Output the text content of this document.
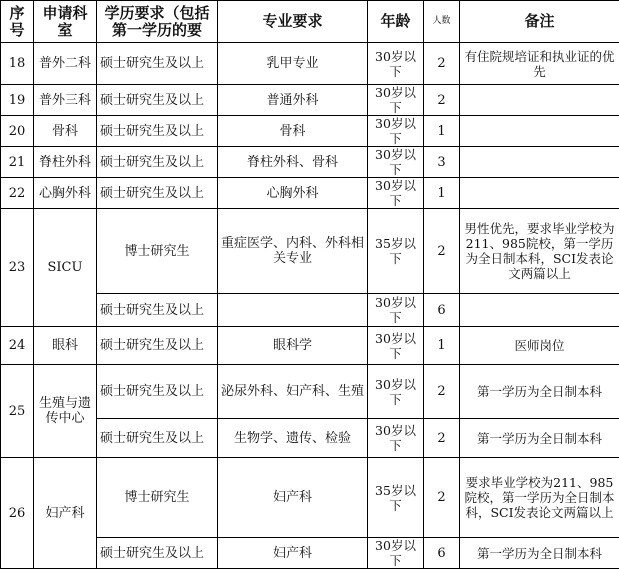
序号	申请科室	学历要求（包括第一学历的要	专业要求	年龄	人数	备注
18	普外二科	硕士研究生及以上	乳甲专业	30岁以下	2	有住院规培证和执业证的优先
19	普外三科	硕士研究生及以上	普通外科	30岁以下	2	
20	骨科	硕士研究生及以上	骨科	30岁以下	1	
21	脊柱外科	硕士研究生及以上	脊柱外科、骨科	30岁以下	3	
22	心胸外科	硕士研究生及以上	心胸外科	30岁以下	1	
23	SICU	博士研究生	重症医学、内科、外科相关专业	35岁以下	2	男性优先，要求毕业学校为211、985院校，第一学历为全日制本科，SCI发表论文两篇以上
		硕士研究生及以上		30岁以下	6	
24	眼科	硕士研究生及以上	眼科学	30岁以下	1	医师岗位
25	生殖与遗传中心	硕士研究生及以上	泌尿外科、妇产科、生殖	30岁以下	2	第一学历为全日制本科
		硕士研究生及以上	生物学、遗传、检验	30岁以下	2	第一学历为全日制本科
26	妇产科	博士研究生	妇产科	35岁以下	2	要求毕业学校为211、985院校，第一学历为全日制本科，SCI发表论文两篇以上
		硕士研究生及以上	妇产科	30岁以下	6	第一学历为全日制本科
